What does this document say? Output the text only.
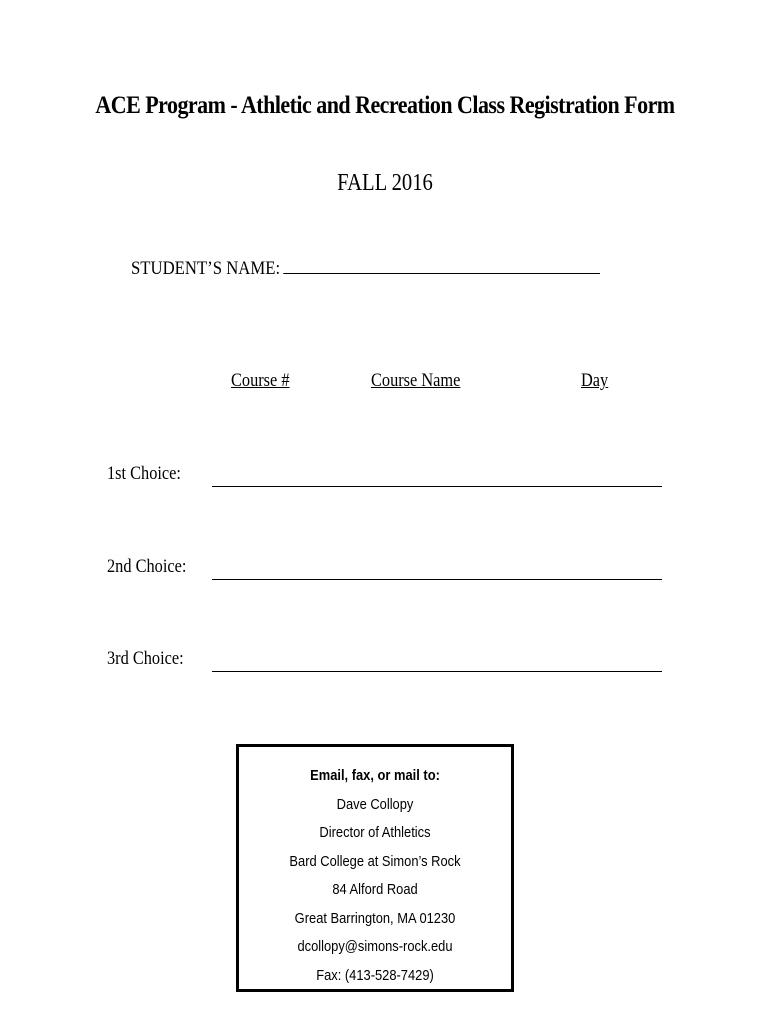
ACE Program - Athletic and Recreation Class Registration Form
FALL 2016
STUDENT’S NAME:
Course #	Course Name	Day
1st Choice:
2nd Choice:
3rd Choice:
Email, fax, or mail to:
Dave Collopy
Director of Athletics
Bard College at Simon’s Rock
84 Alford Road
Great Barrington, MA 01230
dcollopy@simons-rock.edu
Fax: (413-528-7429)
